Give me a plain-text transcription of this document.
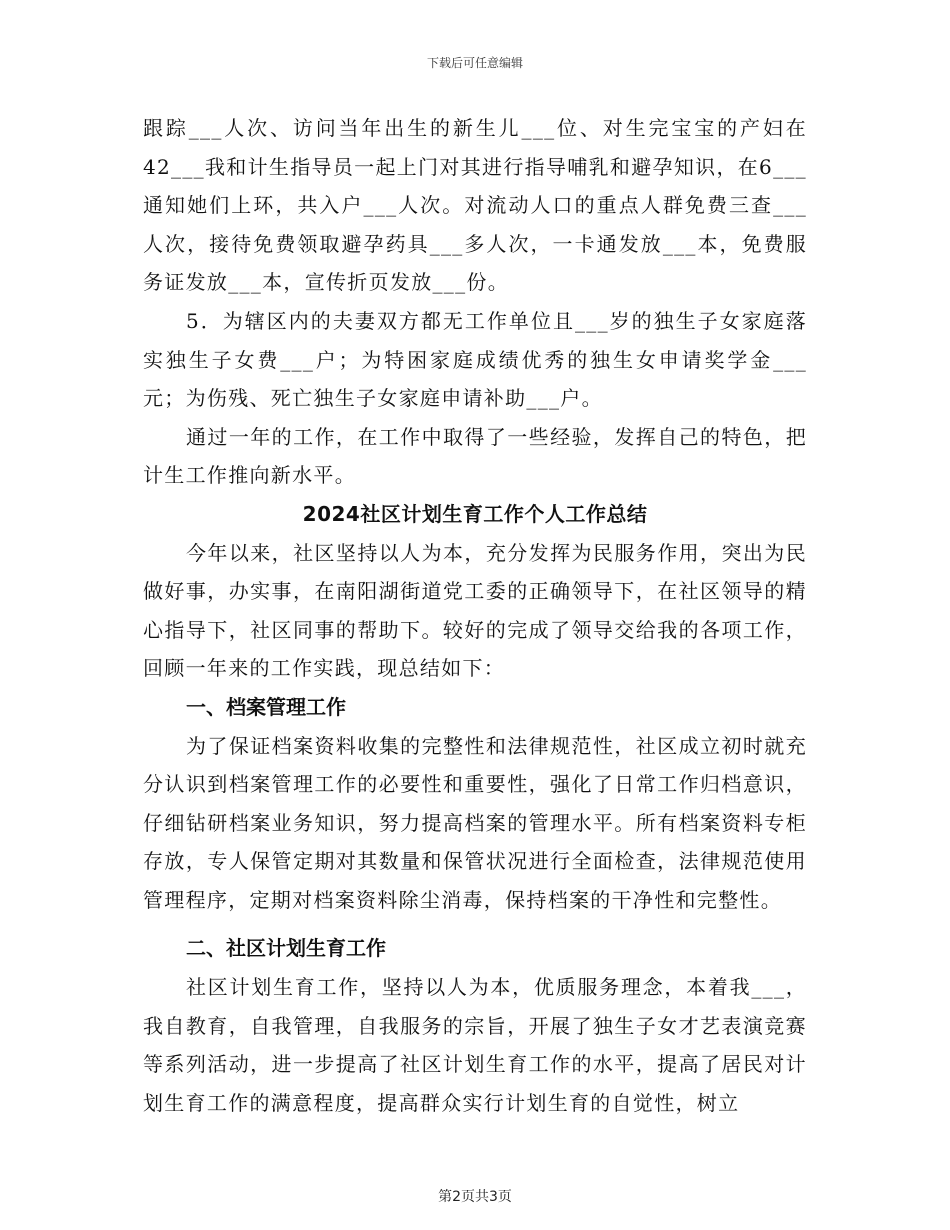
下载后可任意编辑

跟踪___人次、访问当年出生的新生儿___位、对生完宝宝的产妇在42___我和计生指导员一起上门对其进行指导哺乳和避孕知识，在6___通知她们上环，共入户___人次。对流动人口的重点人群免费三查___人次，接待免费领取避孕药具___多人次，一卡通发放___本，免费服务证发放___本，宣传折页发放___份。

5．为辖区内的夫妻双方都无工作单位且___岁的独生子女家庭落实独生子女费___户；为特困家庭成绩优秀的独生女申请奖学金___元；为伤残、死亡独生子女家庭申请补助___户。

通过一年的工作，在工作中取得了一些经验，发挥自己的特色，把计生工作推向新水平。

2024社区计划生育工作个人工作总结

今年以来，社区坚持以人为本，充分发挥为民服务作用，突出为民做好事，办实事，在南阳湖街道党工委的正确领导下，在社区领导的精心指导下，社区同事的帮助下。较好的完成了领导交给我的各项工作，回顾一年来的工作实践，现总结如下：

一、档案管理工作

为了保证档案资料收集的完整性和法律规范性，社区成立初时就充分认识到档案管理工作的必要性和重要性，强化了日常工作归档意识，仔细钻研档案业务知识，努力提高档案的管理水平。所有档案资料专柜存放，专人保管定期对其数量和保管状况进行全面检查，法律规范使用管理程序，定期对档案资料除尘消毒，保持档案的干净性和完整性。

二、社区计划生育工作

社区计划生育工作，坚持以人为本，优质服务理念，本着我___，我自教育，自我管理，自我服务的宗旨，开展了独生子女才艺表演竞赛等系列活动，进一步提高了社区计划生育工作的水平，提高了居民对计划生育工作的满意程度，提高群众实行计划生育的自觉性，树立

第2页共3页
